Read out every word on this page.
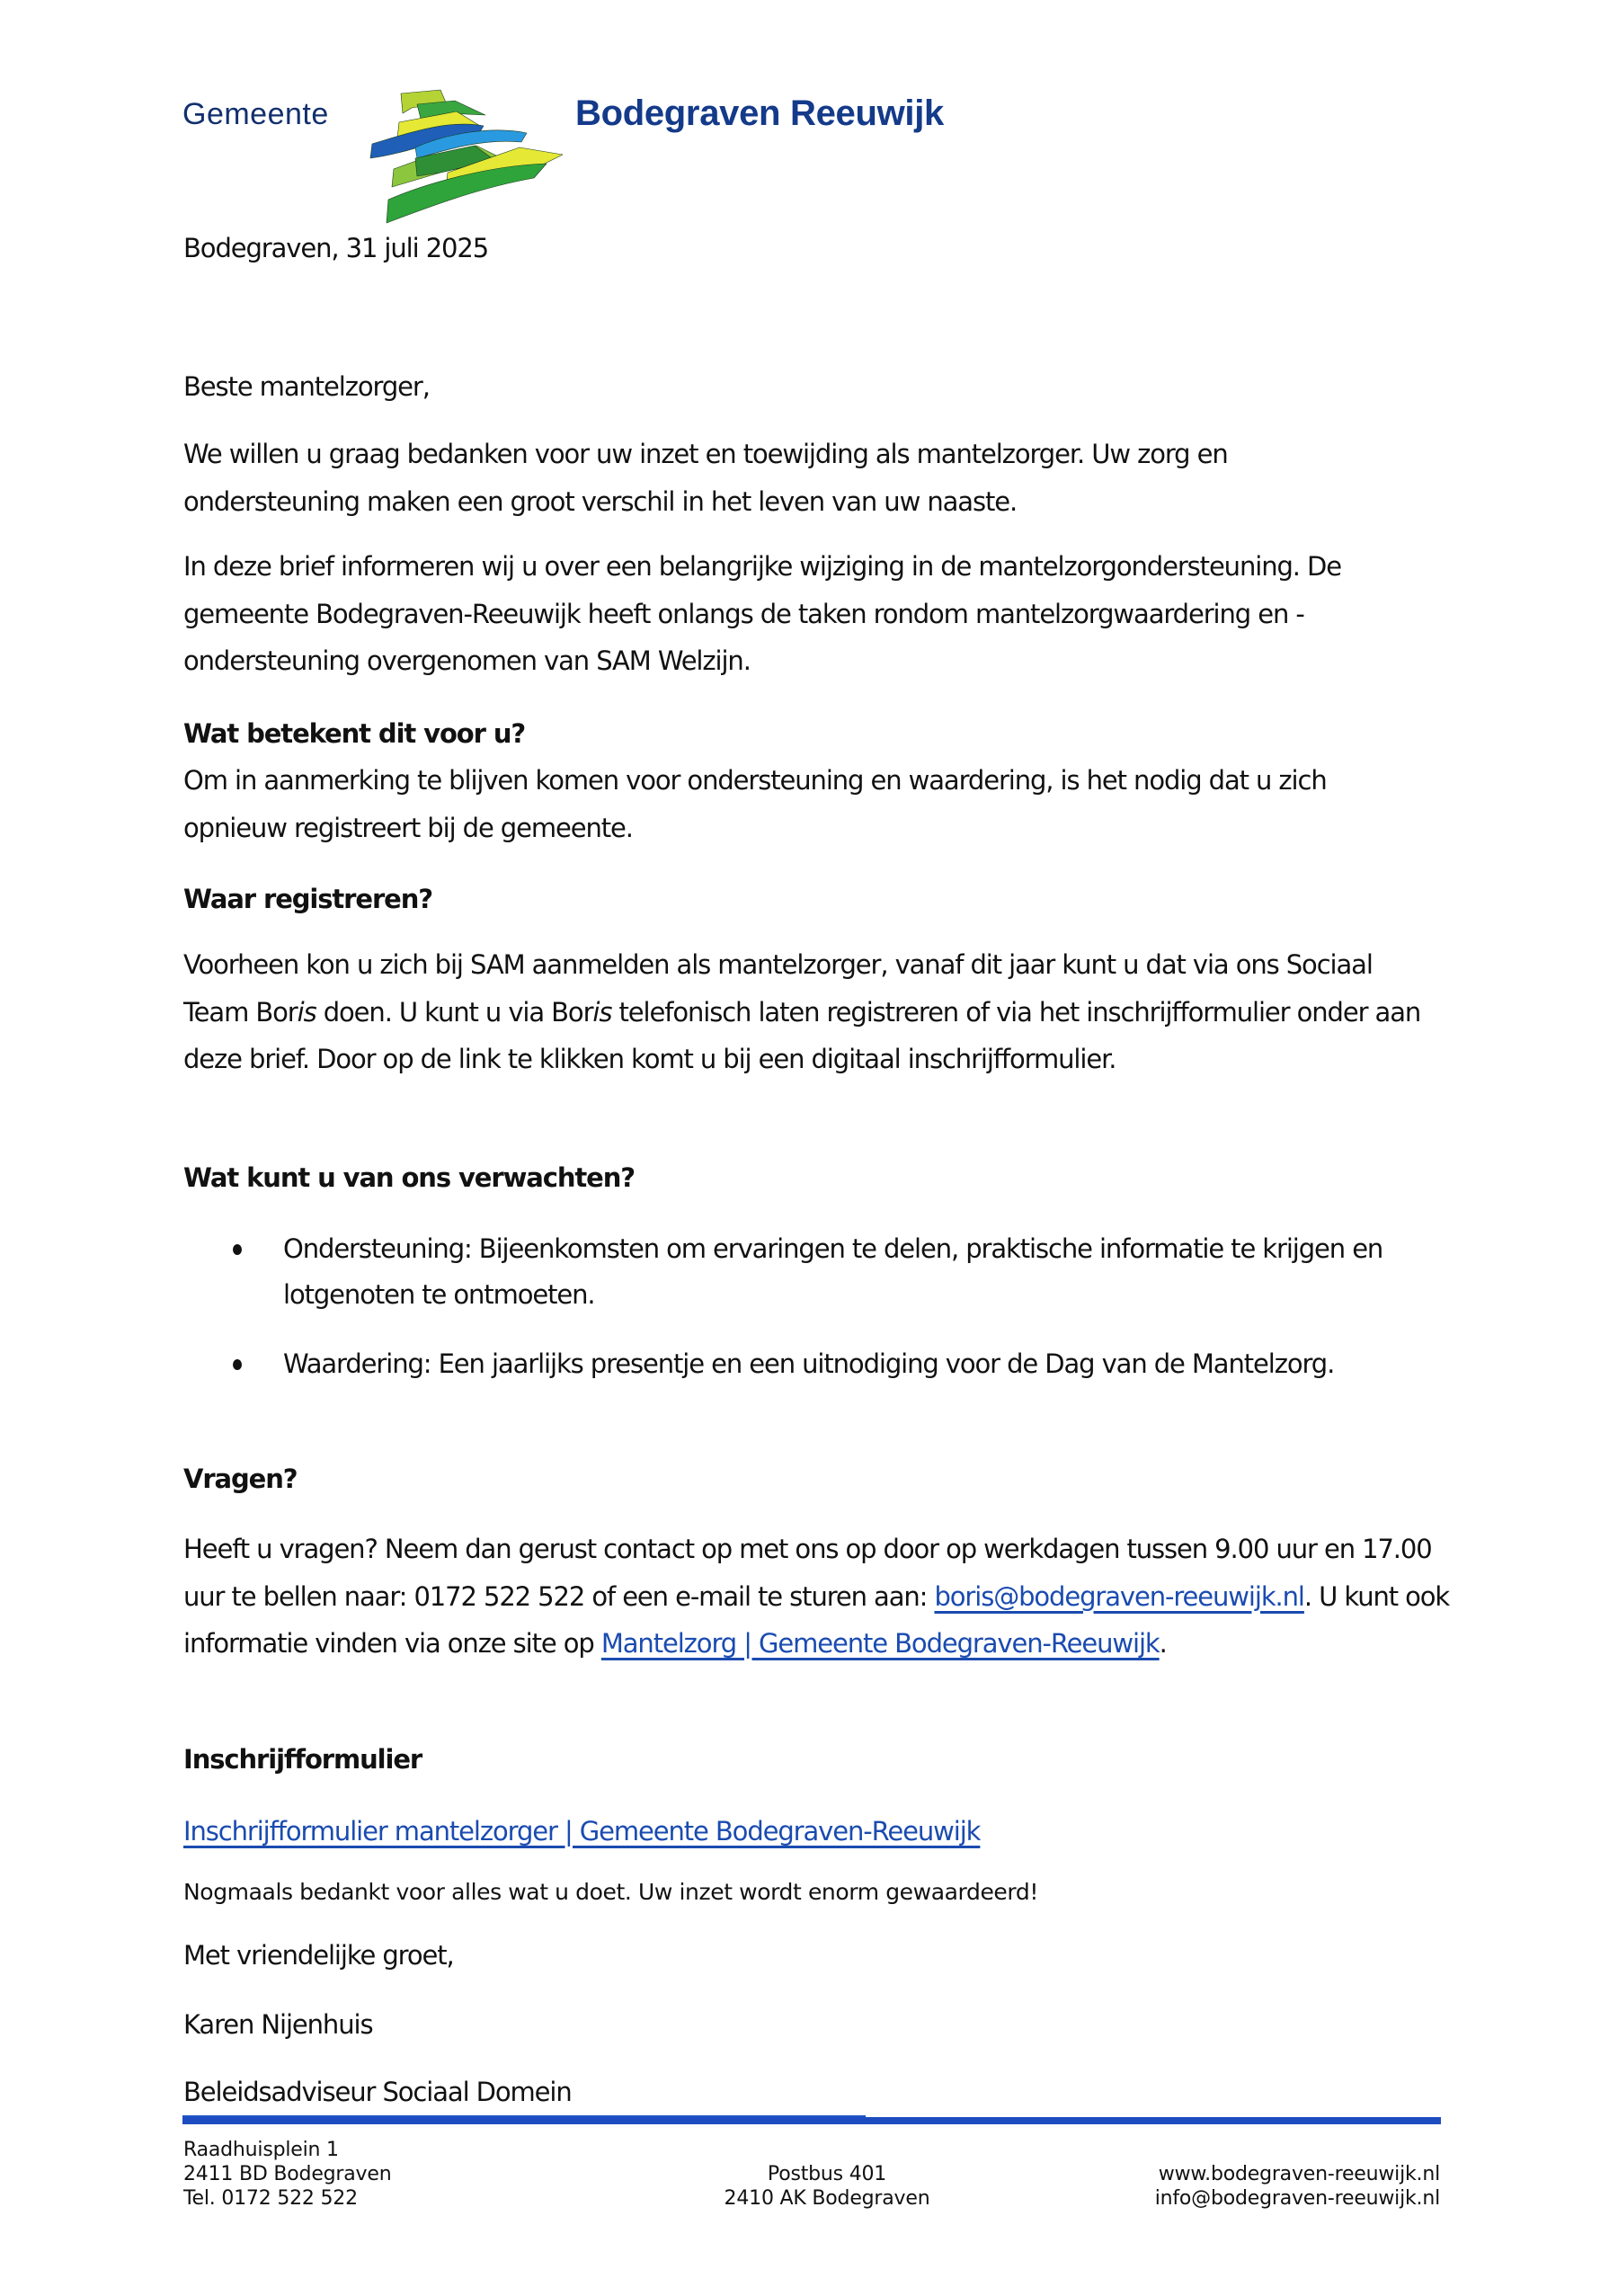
Gemeente	Bodegraven Reeuwijk
Bodegraven, 31 juli 2025
Beste mantelzorger,
We willen u graag bedanken voor uw inzet en toewijding als mantelzorger. Uw zorg en ondersteuning maken een groot verschil in het leven van uw naaste.
In deze brief informeren wij u over een belangrijke wijziging in de mantelzorgondersteuning. De gemeente Bodegraven-Reeuwijk heeft onlangs de taken rondom mantelzorgwaardering en -ondersteuning overgenomen van SAM Welzijn.
Wat betekent dit voor u?
Om in aanmerking te blijven komen voor ondersteuning en waardering, is het nodig dat u zich opnieuw registreert bij de gemeente.
Waar registreren?
Voorheen kon u zich bij SAM aanmelden als mantelzorger, vanaf dit jaar kunt u dat via ons Sociaal Team Boris doen. U kunt u via Boris telefonisch laten registreren of via het inschrijfformulier onder aan deze brief. Door op de link te klikken komt u bij een digitaal inschrijfformulier.
Wat kunt u van ons verwachten?
Ondersteuning: Bijeenkomsten om ervaringen te delen, praktische informatie te krijgen en lotgenoten te ontmoeten.
Waardering: Een jaarlijks presentje en een uitnodiging voor de Dag van de Mantelzorg.
Vragen?
Heeft u vragen? Neem dan gerust contact op met ons op door op werkdagen tussen 9.00 uur en 17.00 uur te bellen naar: 0172 522 522 of een e-mail te sturen aan: boris@bodegraven-reeuwijk.nl. U kunt ook informatie vinden via onze site op Mantelzorg | Gemeente Bodegraven-Reeuwijk.
Inschrijfformulier
Inschrijfformulier mantelzorger | Gemeente Bodegraven-Reeuwijk
Nogmaals bedankt voor alles wat u doet. Uw inzet wordt enorm gewaardeerd!
Met vriendelijke groet,
Karen Nijenhuis
Beleidsadviseur Sociaal Domein
Raadhuisplein 1
2411 BD Bodegraven
Tel. 0172 522 522
Postbus 401
2410 AK Bodegraven
www.bodegraven-reeuwijk.nl
info@bodegraven-reeuwijk.nl
